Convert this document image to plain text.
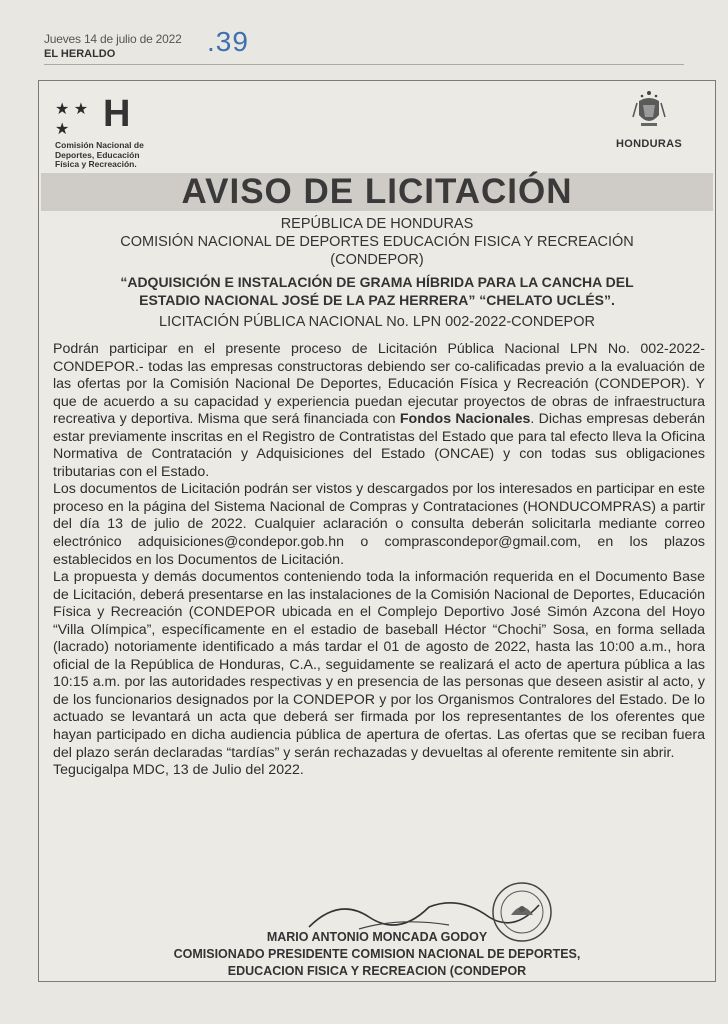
Jueves 14 de julio de 2022
EL HERALDO	.39
★ ★ ★ H
Comisión Nacional de
Deportes, Educación
Física y Recreación.
HONDURAS
AVISO DE LICITACIÓN
REPÚBLICA DE HONDURAS
COMISIÓN NACIONAL DE DEPORTES EDUCACIÓN FISICA Y RECREACIÓN
(CONDEPOR)
“ADQUISICIÓN E INSTALACIÓN DE GRAMA HÍBRIDA PARA LA CANCHA DEL
ESTADIO NACIONAL JOSÉ DE LA PAZ HERRERA” “CHELATO UCLÉS”.
LICITACIÓN PÚBLICA NACIONAL No. LPN 002-2022-CONDEPOR

Podrán participar en el presente proceso de Licitación Pública Nacional LPN No. 002-2022-CONDEPOR.- todas las empresas constructoras debiendo ser co-calificadas previo a la evaluación de las ofertas por la Comisión Nacional De Deportes, Educación Física y Recreación (CONDEPOR). Y que de acuerdo a su capacidad y experiencia puedan ejecutar proyectos de obras de infraestructura recreativa y deportiva. Misma que será financiada con Fondos Nacionales. Dichas empresas deberán estar previamente inscritas en el Registro de Contratistas del Estado que para tal efecto lleva la Oficina Normativa de Contratación y Adquisiciones del Estado (ONCAE) y con todas sus obligaciones tributarias con el Estado.

Los documentos de Licitación podrán ser vistos y descargados por los interesados en participar en este proceso en la página del Sistema Nacional de Compras y Contrataciones (HONDUCOMPRAS) a partir del día 13 de julio de 2022. Cualquier aclaración o consulta deberán solicitarla mediante correo electrónico adquisiciones@condepor.gob.hn o comprascondepor@gmail.com, en los plazos establecidos en los Documentos de Licitación.

La propuesta y demás documentos conteniendo toda la información requerida en el Documento Base de Licitación, deberá presentarse en las instalaciones de la Comisión Nacional de Deportes, Educación Física y Recreación (CONDEPOR ubicada en el Complejo Deportivo José Simón Azcona del Hoyo “Villa Olímpica”, específicamente en el estadio de baseball Héctor “Chochi” Sosa, en forma sellada (lacrado) notoriamente identificado a más tardar el 01 de agosto de 2022, hasta las 10:00 a.m., hora oficial de la República de Honduras, C.A., seguidamente se realizará el acto de apertura pública a las 10:15 a.m. por las autoridades respectivas y en presencia de las personas que deseen asistir al acto, y de los funcionarios designados por la CONDEPOR y por los Organismos Contralores del Estado. De lo actuado se levantará un acta que deberá ser firmada por los representantes de los oferentes que hayan participado en dicha audiencia pública de apertura de ofertas. Las ofertas que se reciban fuera del plazo serán declaradas “tardías” y serán rechazadas y devueltas al oferente remitente sin abrir.

Tegucigalpa MDC, 13 de Julio del 2022.

MARIO ANTONIO MONCADA GODOY
COMISIONADO PRESIDENTE COMISION NACIONAL DE DEPORTES,
EDUCACION FISICA Y RECREACION (CONDEPOR
